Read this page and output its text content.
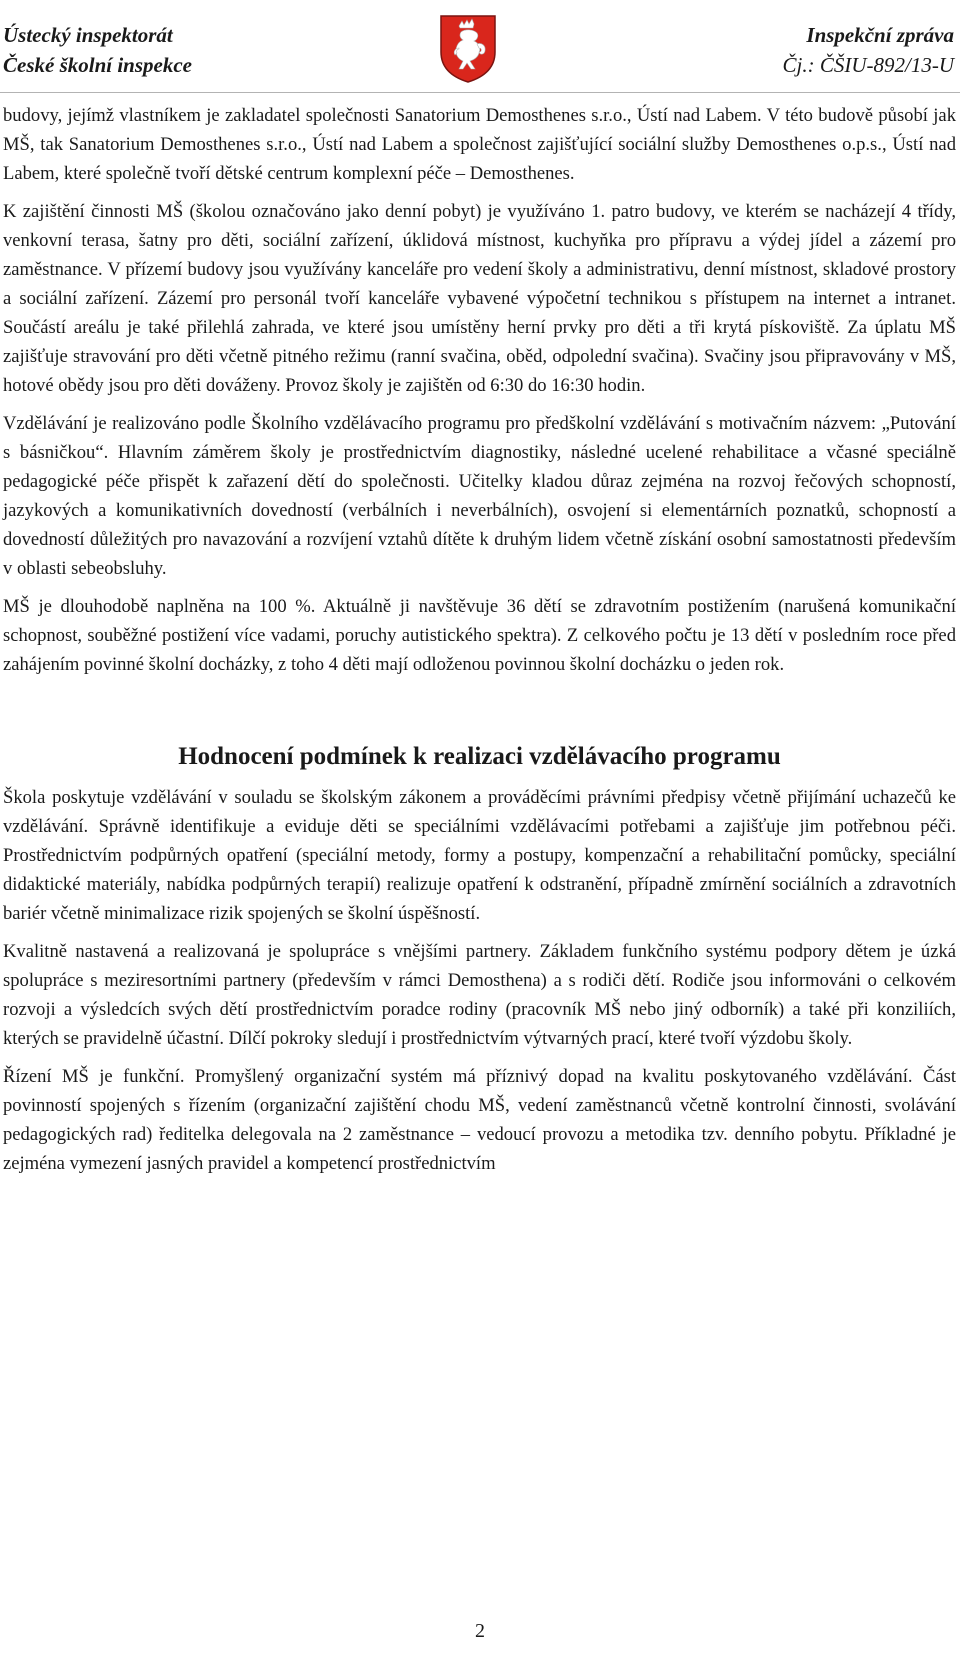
Ústecký inspektorát
České školní inspekce
Inspekční zpráva
Čj.: ČŠIU-892/13-U

budovy, jejímž vlastníkem je zakladatel společnosti Sanatorium Demosthenes s.r.o., Ústí nad Labem. V této budově působí jak MŠ, tak Sanatorium Demosthenes s.r.o., Ústí nad Labem a společnost zajišťující sociální služby Demosthenes o.p.s., Ústí nad Labem, které společně tvoří dětské centrum komplexní péče – Demosthenes.

K zajištění činnosti MŠ (školou označováno jako denní pobyt) je využíváno 1. patro budovy, ve kterém se nacházejí 4 třídy, venkovní terasa, šatny pro děti, sociální zařízení, úklidová místnost, kuchyňka pro přípravu a výdej jídel a zázemí pro zaměstnance. V přízemí budovy jsou využívány kanceláře pro vedení školy a administrativu, denní místnost, skladové prostory a sociální zařízení. Zázemí pro personál tvoří kanceláře vybavené výpočetní technikou s přístupem na internet a intranet. Součástí areálu je také přilehlá zahrada, ve které jsou umístěny herní prvky pro děti a tři krytá pískoviště. Za úplatu MŠ zajišťuje stravování pro děti včetně pitného režimu (ranní svačina, oběd, odpolední svačina). Svačiny jsou připravovány v MŠ, hotové obědy jsou pro děti dováženy. Provoz školy je zajištěn od 6:30 do 16:30 hodin.

Vzdělávání je realizováno podle Školního vzdělávacího programu pro předškolní vzdělávání s motivačním názvem: „Putování s básničkou“. Hlavním záměrem školy je prostřednictvím diagnostiky, následné ucelené rehabilitace a včasné speciálně pedagogické péče přispět k zařazení dětí do společnosti. Učitelky kladou důraz zejména na rozvoj řečových schopností, jazykových a komunikativních dovedností (verbálních i neverbálních), osvojení si elementárních poznatků, schopností a dovedností důležitých pro navazování a rozvíjení vztahů dítěte k druhým lidem včetně získání osobní samostatnosti především v oblasti sebeobsluhy.

MŠ je dlouhodobě naplněna na 100 %. Aktuálně ji navštěvuje 36 dětí se zdravotním postižením (narušená komunikační schopnost, souběžné postižení více vadami, poruchy autistického spektra). Z celkového počtu je 13 dětí v posledním roce před zahájením povinné školní docházky, z toho 4 děti mají odloženou povinnou školní docházku o jeden rok.

Hodnocení podmínek k realizaci vzdělávacího programu

Škola poskytuje vzdělávání v souladu se školským zákonem a prováděcími právními předpisy včetně přijímání uchazečů ke vzdělávání. Správně identifikuje a eviduje děti se speciálními vzdělávacími potřebami a zajišťuje jim potřebnou péči. Prostřednictvím podpůrných opatření (speciální metody, formy a postupy, kompenzační a rehabilitační pomůcky, speciální didaktické materiály, nabídka podpůrných terapií) realizuje opatření k odstranění, případně zmírnění sociálních a zdravotních bariér včetně minimalizace rizik spojených se školní úspěšností.

Kvalitně nastavená a realizovaná je spolupráce s vnějšími partnery. Základem funkčního systému podpory dětem je úzká spolupráce s meziresortními partnery (především v rámci Demosthena) a s rodiči dětí. Rodiče jsou informováni o celkovém rozvoji a výsledcích svých dětí prostřednictvím poradce rodiny (pracovník MŠ nebo jiný odborník) a také při konziliích, kterých se pravidelně účastní. Dílčí pokroky sledují i prostřednictvím výtvarných prací, které tvoří výzdobu školy.

Řízení MŠ je funkční. Promyšlený organizační systém má příznivý dopad na kvalitu poskytovaného vzdělávání. Část povinností spojených s řízením (organizační zajištění chodu MŠ, vedení zaměstnanců včetně kontrolní činnosti, svolávání pedagogických rad) ředitelka delegovala na 2 zaměstnance – vedoucí provozu a metodika tzv. denního pobytu. Příkladné je zejména vymezení jasných pravidel a kompetencí prostřednictvím

2
